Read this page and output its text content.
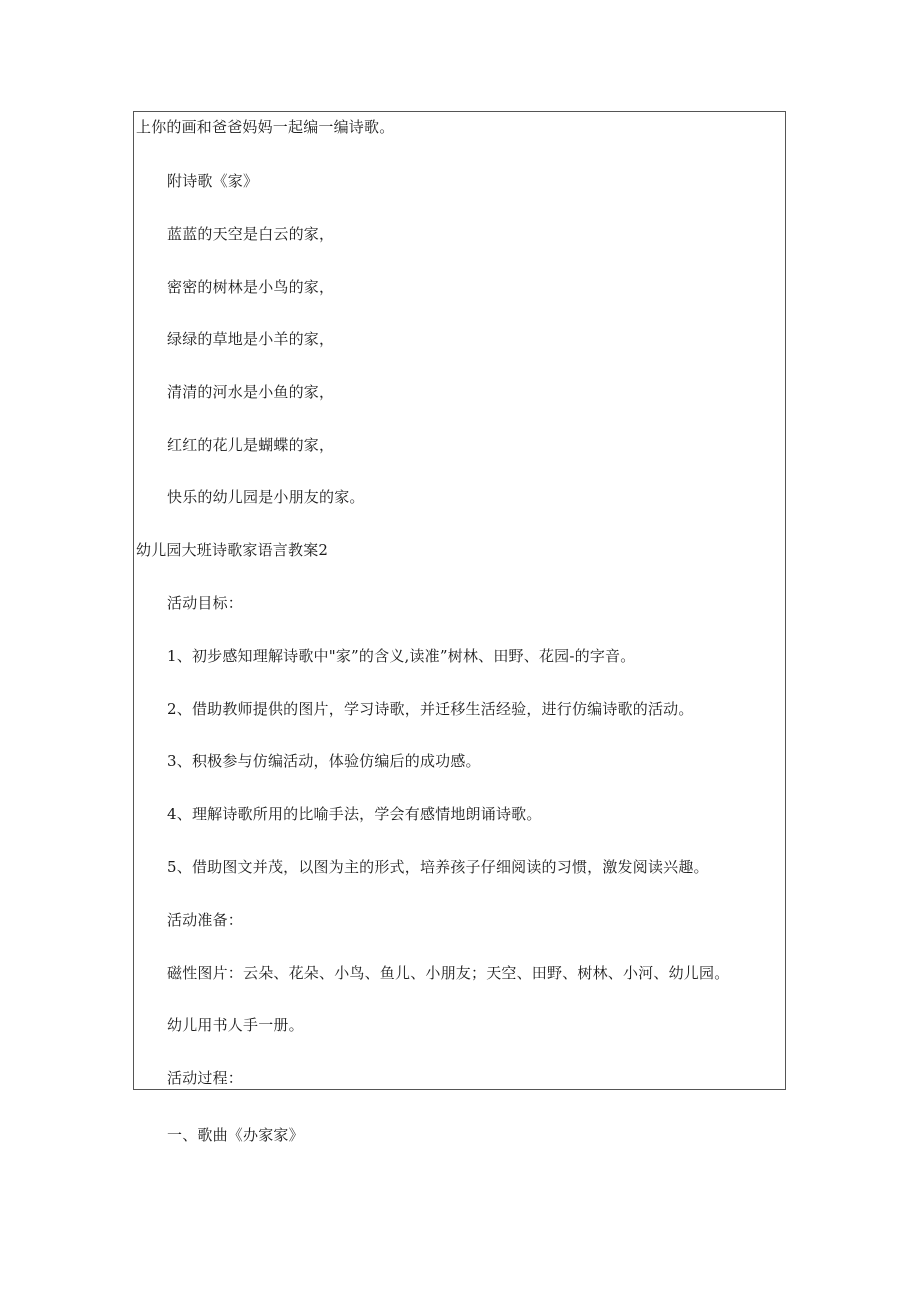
上你的画和爸爸妈妈一起编一编诗歌。
附诗歌《家》
蓝蓝的天空是白云的家，
密密的树林是小鸟的家，
绿绿的草地是小羊的家，
清清的河水是小鱼的家，
红红的花儿是蝴蝶的家，
快乐的幼儿园是小朋友的家。
幼儿园大班诗歌家语言教案2
活动目标：
1、初步感知理解诗歌中"家”的含义,读准”树林、田野、花园-的字音。
2、借助教师提供的图片，学习诗歌，并迁移生活经验，进行仿编诗歌的活动。
3、积极参与仿编活动，体验仿编后的成功感。
4、理解诗歌所用的比喻手法，学会有感情地朗诵诗歌。
5、借助图文并茂，以图为主的形式，培养孩子仔细阅读的习惯，激发阅读兴趣。
活动准备：
磁性图片：云朵、花朵、小鸟、鱼儿、小朋友；天空、田野、树林、小河、幼儿园。
幼儿用书人手一册。
活动过程：
一、歌曲《办家家》
